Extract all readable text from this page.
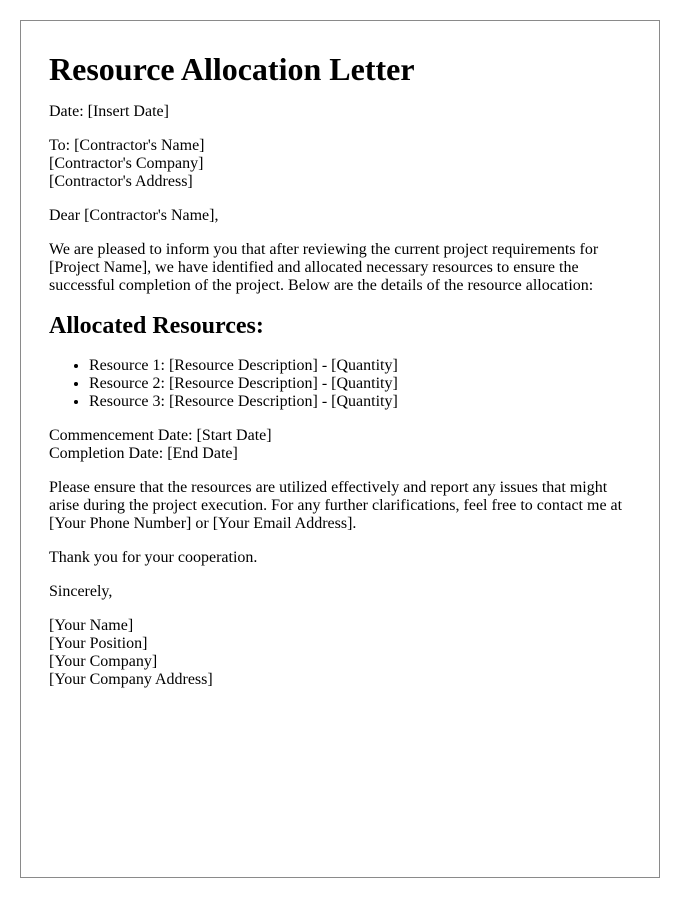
Resource Allocation Letter

Date: [Insert Date]

To: [Contractor's Name]
[Contractor's Company]
[Contractor's Address]

Dear [Contractor's Name],

We are pleased to inform you that after reviewing the current project requirements for [Project Name], we have identified and allocated necessary resources to ensure the successful completion of the project. Below are the details of the resource allocation:

Allocated Resources:
• Resource 1: [Resource Description] - [Quantity]
• Resource 2: [Resource Description] - [Quantity]
• Resource 3: [Resource Description] - [Quantity]

Commencement Date: [Start Date]
Completion Date: [End Date]

Please ensure that the resources are utilized effectively and report any issues that might arise during the project execution. For any further clarifications, feel free to contact me at [Your Phone Number] or [Your Email Address].

Thank you for your cooperation.

Sincerely,

[Your Name]
[Your Position]
[Your Company]
[Your Company Address]
